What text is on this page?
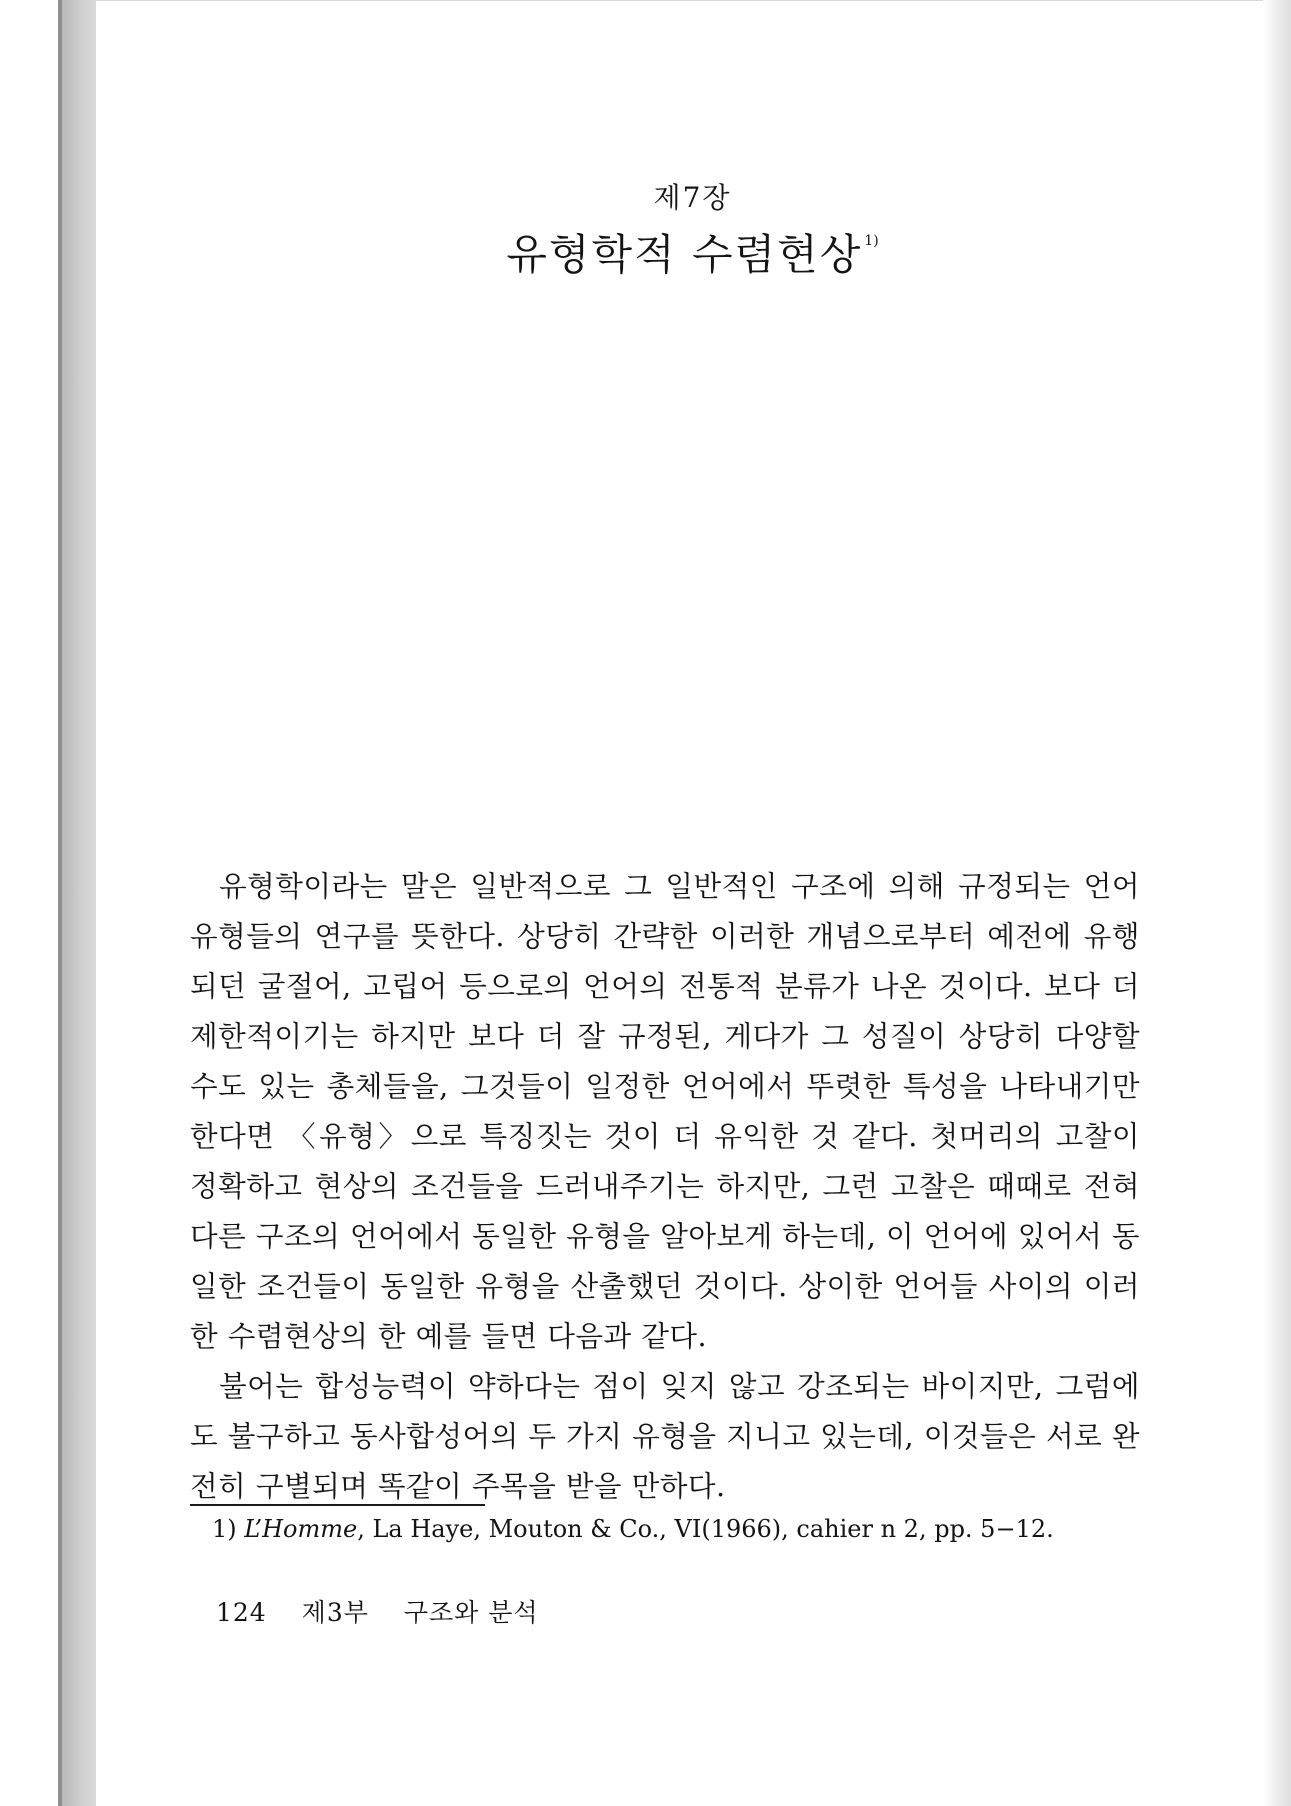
제7장
유형학적 수렴현상 $^{1)}$

유형학이라는 말은 일반적으로 그 일반적인 구조에 의해 규정되는 언어 유형들의 연구를 뜻한다. 상당히 간략한 이러한 개념으로부터 예전에 유행되던 굴절어, 고립어 등으로의 언어의 전통적 분류가 나온 것이다. 보다 더 제한적이기는 하지만 보다 더 잘 규정된, 게다가 그 성질이 상당히 다양할 수도 있는 총체들을, 그것들이 일정한 언어에서 뚜렷한 특성을 나타내기만 한다면 〈유형〉으로 특징짓는 것이 더 유익한 것 같다. 첫머리의 고찰이 정확하고 현상의 조건들을 드러내주기는 하지만, 그런 고찰은 때때로 전혀 다른 구조의 언어에서 동일한 유형을 알아보게 하는데, 이 언어에 있어서 동일한 조건들이 동일한 유형을 산출했던 것이다. 상이한 언어들 사이의 이러한 수렴현상의 한 예를 들면 다음과 같다.

불어는 합성능력이 약하다는 점이 잊지 않고 강조되는 바이지만, 그럼에도 불구하고 동사합성어의 두 가지 유형을 지니고 있는데, 이것들은 서로 완전히 구별되며 똑같이 주목을 받을 만하다.

1) L’Homme, La Haye, Mouton & Co., VI(1966), cahier n 2, pp. 5−12.
124 제3부 구조와 분석
